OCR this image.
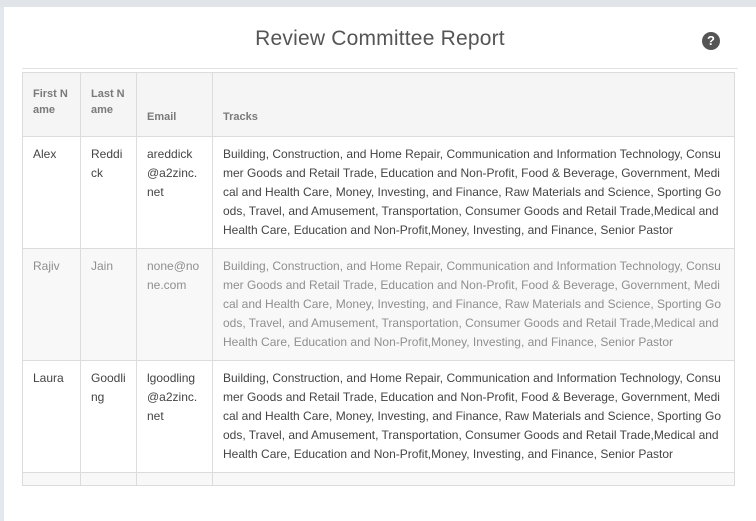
Review Committee Report	?
First Name	Last Name	Email	Tracks

Alex	Reddick	areddick@a2zinc.net	Building, Construction, and Home Repair, Communication and Information Technology, Consumer Goods and Retail Trade, Education and Non-Profit, Food & Beverage, Government, Medical and Health Care, Money, Investing, and Finance, Raw Materials and Science, Sporting Goods, Travel, and Amusement, Transportation, Consumer Goods and Retail Trade,Medical and Health Care, Education and Non-Profit,Money, Investing, and Finance, Senior Pastor
Rajiv	Jain	none@none.com	Building, Construction, and Home Repair, Communication and Information Technology, Consumer Goods and Retail Trade, Education and Non-Profit, Food & Beverage, Government, Medical and Health Care, Money, Investing, and Finance, Raw Materials and Science, Sporting Goods, Travel, and Amusement, Transportation, Consumer Goods and Retail Trade,Medical and Health Care, Education and Non-Profit,Money, Investing, and Finance, Senior Pastor
Laura	Goodling	lgoodling@a2zinc.net	Building, Construction, and Home Repair, Communication and Information Technology, Consumer Goods and Retail Trade, Education and Non-Profit, Food & Beverage, Government, Medical and Health Care, Money, Investing, and Finance, Raw Materials and Science, Sporting Goods, Travel, and Amusement, Transportation, Consumer Goods and Retail Trade,Medical and Health Care, Education and Non-Profit,Money, Investing, and Finance, Senior Pastor
